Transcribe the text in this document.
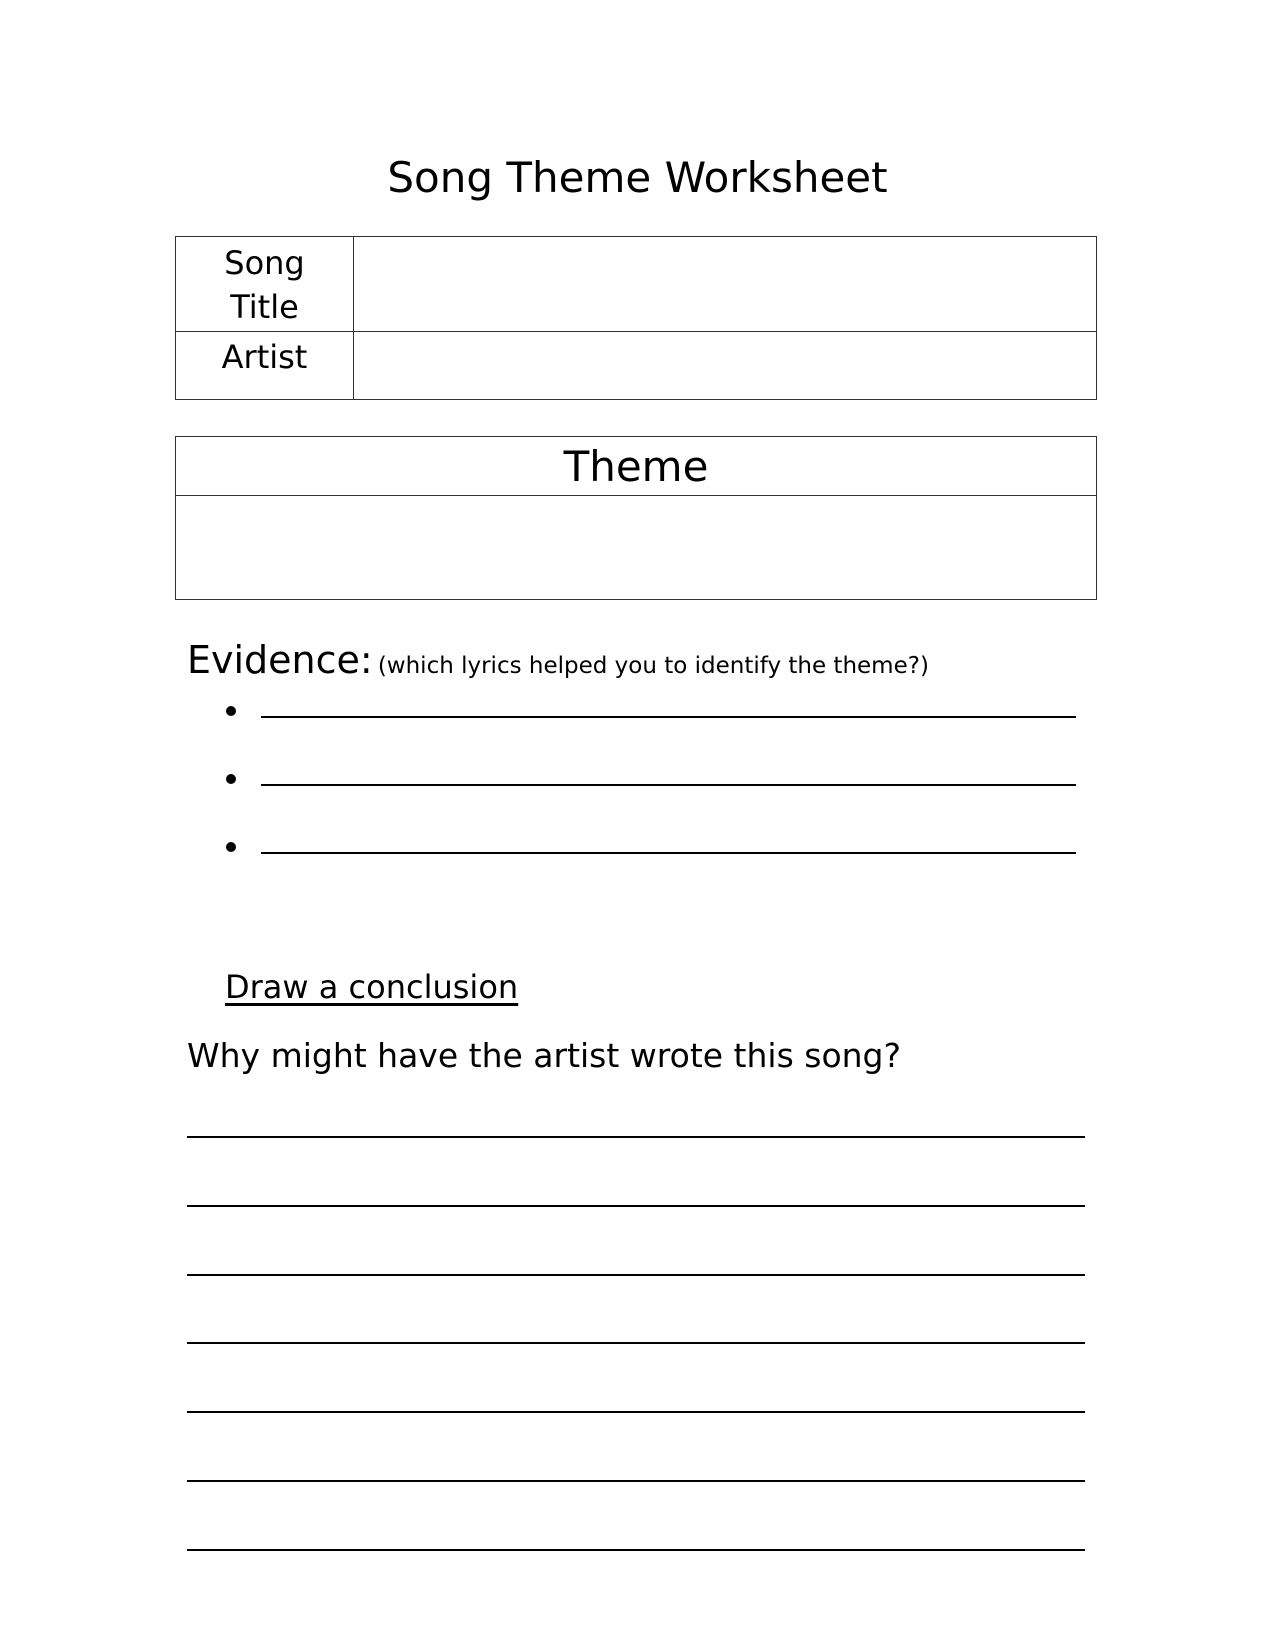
Song Theme Worksheet
Song
Title
Artist
Theme
Evidence: (which lyrics helped you to identify the theme?)
Draw a conclusion
Why might have the artist wrote this song?
